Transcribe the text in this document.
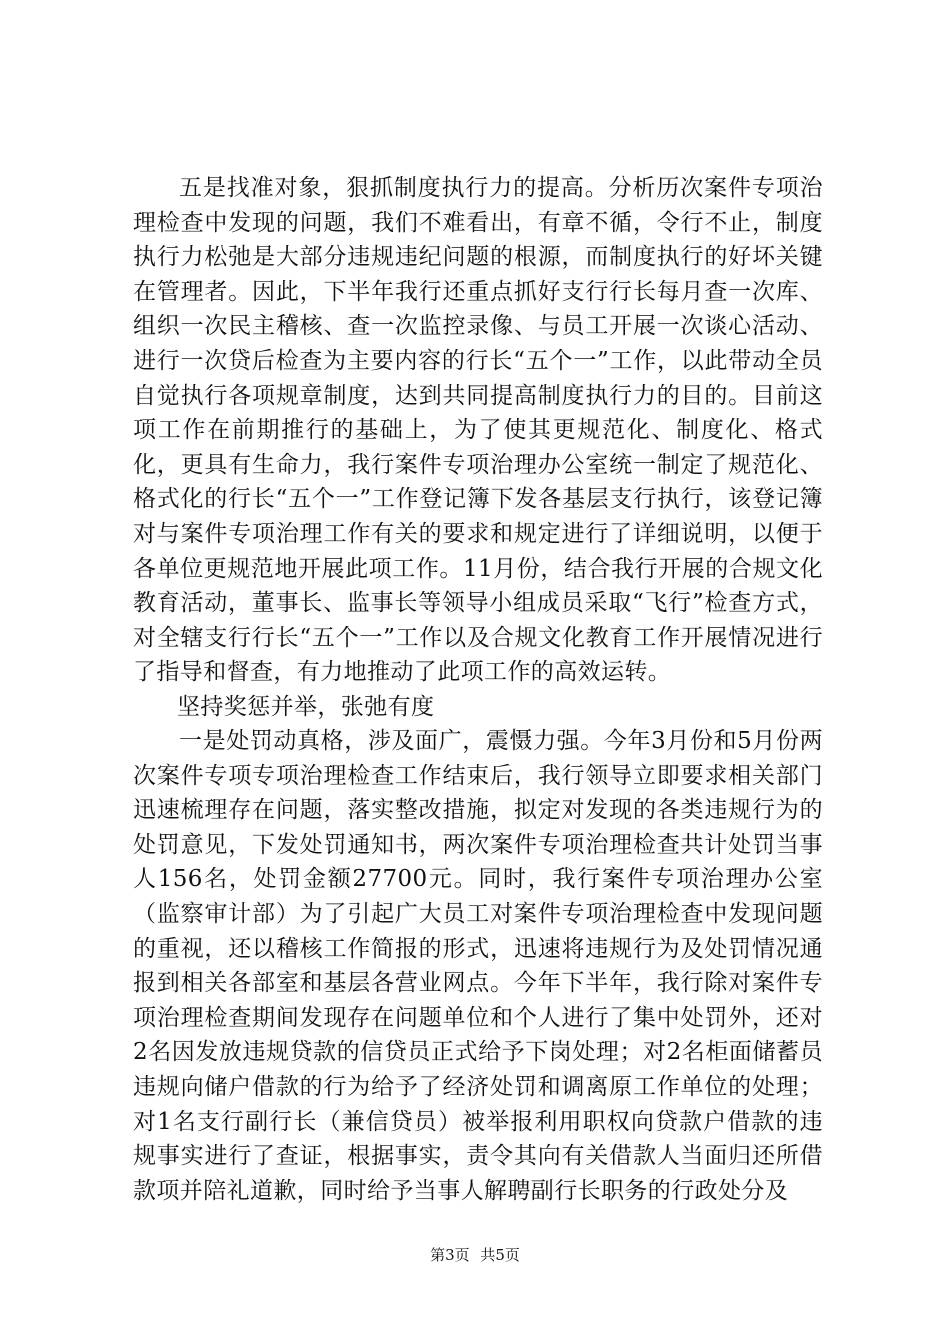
五是找准对象，狠抓制度执行力的提高。分析历次案件专项治理检查中发现的问题，我们不难看出，有章不循，令行不止，制度执行力松弛是大部分违规违纪问题的根源，而制度执行的好坏关键在管理者。因此，下半年我行还重点抓好支行行长每月查一次库、组织一次民主稽核、查一次监控录像、与员工开展一次谈心活动、进行一次贷后检查为主要内容的行长“五个一”工作，以此带动全员自觉执行各项规章制度，达到共同提高制度执行力的目的。目前这项工作在前期推行的基础上，为了使其更规范化、制度化、格式化，更具有生命力，我行案件专项治理办公室统一制定了规范化、格式化的行长“五个一”工作登记簿下发各基层支行执行，该登记簿对与案件专项治理工作有关的要求和规定进行了详细说明，以便于各单位更规范地开展此项工作。11月份，结合我行开展的合规文化教育活动，董事长、监事长等领导小组成员采取“飞行”检查方式，对全辖支行行长“五个一”工作以及合规文化教育工作开展情况进行了指导和督查，有力地推动了此项工作的高效运转。

坚持奖惩并举，张弛有度

一是处罚动真格，涉及面广，震慑力强。今年3月份和5月份两次案件专项专项治理检查工作结束后，我行领导立即要求相关部门迅速梳理存在问题，落实整改措施，拟定对发现的各类违规行为的处罚意见，下发处罚通知书，两次案件专项治理检查共计处罚当事人156名，处罚金额27700元。同时，我行案件专项治理办公室（监察审计部）为了引起广大员工对案件专项治理检查中发现问题的重视，还以稽核工作简报的形式，迅速将违规行为及处罚情况通报到相关各部室和基层各营业网点。今年下半年，我行除对案件专项治理检查期间发现存在问题单位和个人进行了集中处罚外，还对2名因发放违规贷款的信贷员正式给予下岗处理；对2名柜面储蓄员违规向储户借款的行为给予了经济处罚和调离原工作单位的处理；对1名支行副行长（兼信贷员）被举报利用职权向贷款户借款的违规事实进行了查证，根据事实，责令其向有关借款人当面归还所借款项并陪礼道歉，同时给予当事人解聘副行长职务的行政处分及

第3页 共5页
